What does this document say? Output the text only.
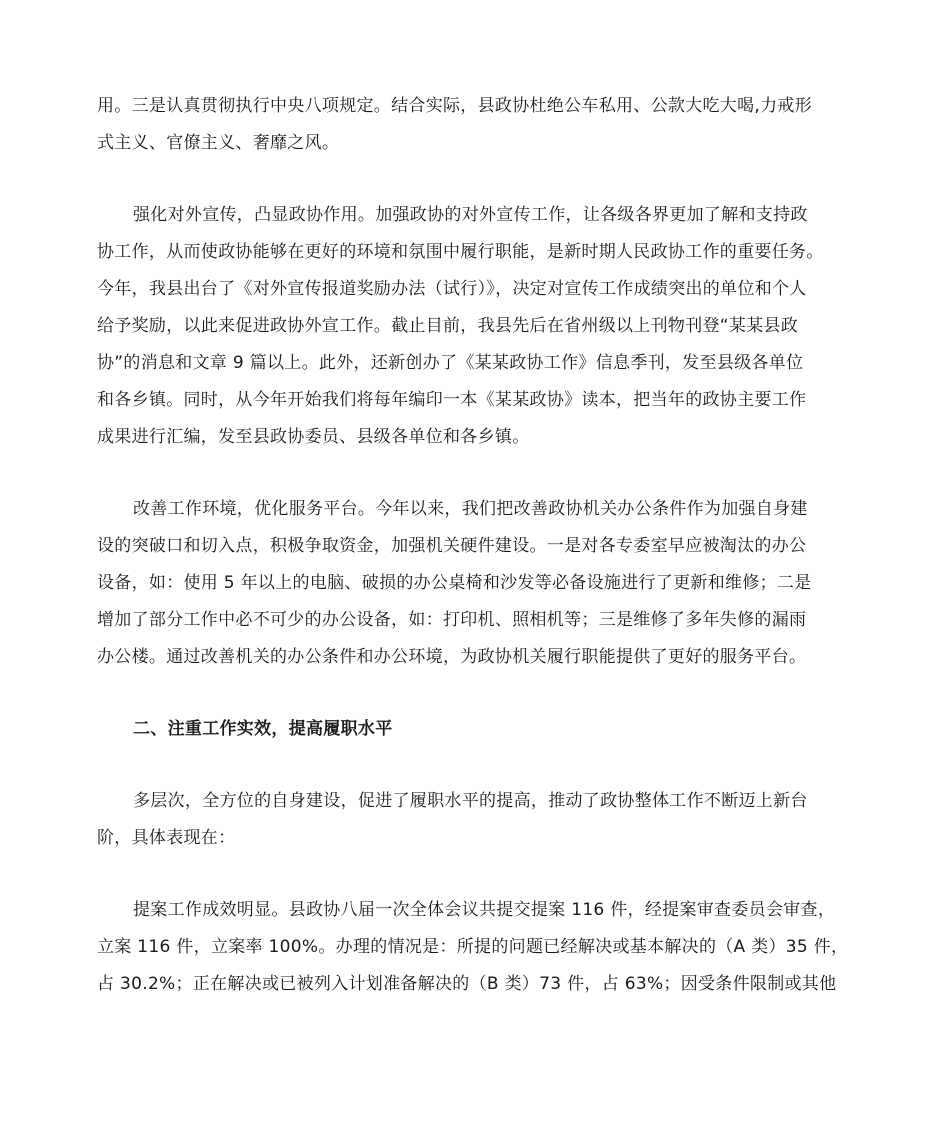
用。三是认真贯彻执行中央八项规定。结合实际，县政协杜绝公车私用、公款大吃大喝,力戒形
式主义、官僚主义、奢靡之风。

强化对外宣传，凸显政协作用。加强政协的对外宣传工作，让各级各界更加了解和支持政
协工作，从而使政协能够在更好的环境和氛围中履行职能，是新时期人民政协工作的重要任务。
今年，我县出台了《对外宣传报道奖励办法（试行）》，决定对宣传工作成绩突出的单位和个人
给予奖励，以此来促进政协外宣工作。截止目前，我县先后在省州级以上刊物刊登“某某县政
协”的消息和文章 9 篇以上。此外，还新创办了《某某政协工作》信息季刊，发至县级各单位
和各乡镇。同时，从今年开始我们将每年编印一本《某某政协》读本，把当年的政协主要工作
成果进行汇编，发至县政协委员、县级各单位和各乡镇。

改善工作环境，优化服务平台。今年以来，我们把改善政协机关办公条件作为加强自身建
设的突破口和切入点，积极争取资金，加强机关硬件建设。一是对各专委室早应被淘汰的办公
设备，如：使用 5 年以上的电脑、破损的办公桌椅和沙发等必备设施进行了更新和维修；二是
增加了部分工作中必不可少的办公设备，如：打印机、照相机等；三是维修了多年失修的漏雨
办公楼。通过改善机关的办公条件和办公环境，为政协机关履行职能提供了更好的服务平台。

二、注重工作实效，提高履职水平

多层次，全方位的自身建设，促进了履职水平的提高，推动了政协整体工作不断迈上新台
阶，具体表现在：

提案工作成效明显。县政协八届一次全体会议共提交提案 116 件，经提案审查委员会审查，
立案 116 件，立案率 100%。办理的情况是：所提的问题已经解决或基本解决的（A 类）35 件，
占 30.2%；正在解决或已被列入计划准备解决的（B 类）73 件，占 63%；因受条件限制或其他
